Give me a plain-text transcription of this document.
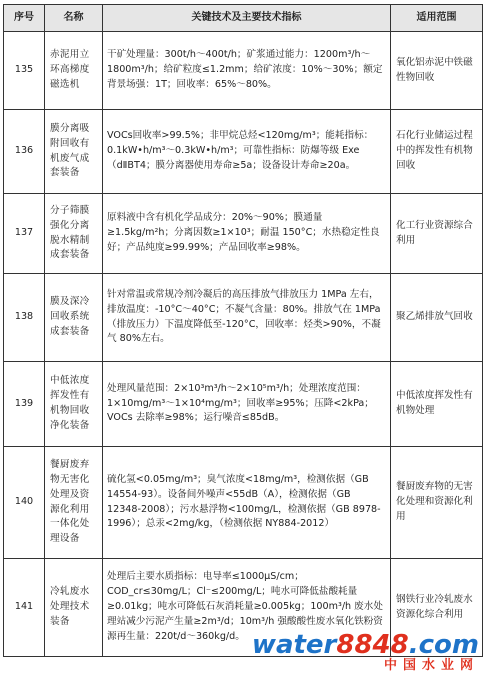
序号	名称	关键技术及主要技术指标	适用范围
135	赤泥用立环高梯度磁选机	干矿处理量：300t/h～400t/h；矿浆通过能力：1200m³/h～1800m³/h；给矿粒度≤1.2mm；给矿浓度：10%～30%；额定背景场强：1T；回收率：65%～80%。	氧化铝赤泥中铁磁性物回收
136	膜分离吸附回收有机废气成套装备	VOCs回收率>99.5%；非甲烷总烃<120mg/m³；能耗指标：0.1kW•h/m³～0.3kW•h/m³；可靠性指标：防爆等级 Exe（dⅡBT4；膜分离器使用寿命≥5a；设备设计寿命≥20a。	石化行业储运过程中的挥发性有机物回收
137	分子筛膜强化分离脱水精制成套装备	原料液中含有机化学品成分：20%～90%；膜通量≥1.5kg/m²h；分离因数≥1×10³；耐温 150°C；水热稳定性良好；产品纯度≥99.99%；产品回收率≥98%。	化工行业资源综合利用
138	膜及深冷回收系统成套装备	针对常温或常规冷剂冷凝后的高压排放气排放压力 1MPa 左右，排放温度：-10°C～40°C；不凝气含量：80%。排放气在 1MPa（排放压力）下温度降低至-120°C，回收率：烃类>90%，不凝气 80%左右。	聚乙烯排放气回收
139	中低浓度挥发性有机物回收净化装备	处理风量范围：2×10³m³/h～2×10⁵m³/h；处理浓度范围：1×10mg/m³～1×10⁴mg/m³；回收率≥95%；压降<2kPa；VOCs 去除率≥98%；运行噪音≤85dB。	中低浓度挥发性有机物处理
140	餐厨废弃物无害化处理及资源化利用一体化处理设备	硫化氢<0.05mg/m³；臭气浓度<18mg/m³，检测依据（GB 14554-93）。设备间外噪声<55dB（A），检测依据（GB 12348-2008）；污水悬浮物<100mg/L，检测依据（GB 8978-1996）；总汞<2mg/kg，（检测依据 NY884-2012）	餐厨废弃物的无害化处理和资源化利用
141	冷轧废水处理技术装备	处理后主要水质指标：电导率≤1000μS/cm；COD_cr≤30mg/L；Cl⁻≤200mg/L；吨水可降低盐酸耗量≥0.01kg；吨水可降低石灰消耗量≥0.005kg；100m³/h 废水处理站减少污泥产生量≥2m³/d；10m³/h 强酸酸性废水氧化铁粉资源再生量：220t/d～360kg/d。	钢铁行业冷轧废水资源化综合利用
water8848.com
中国水业网
